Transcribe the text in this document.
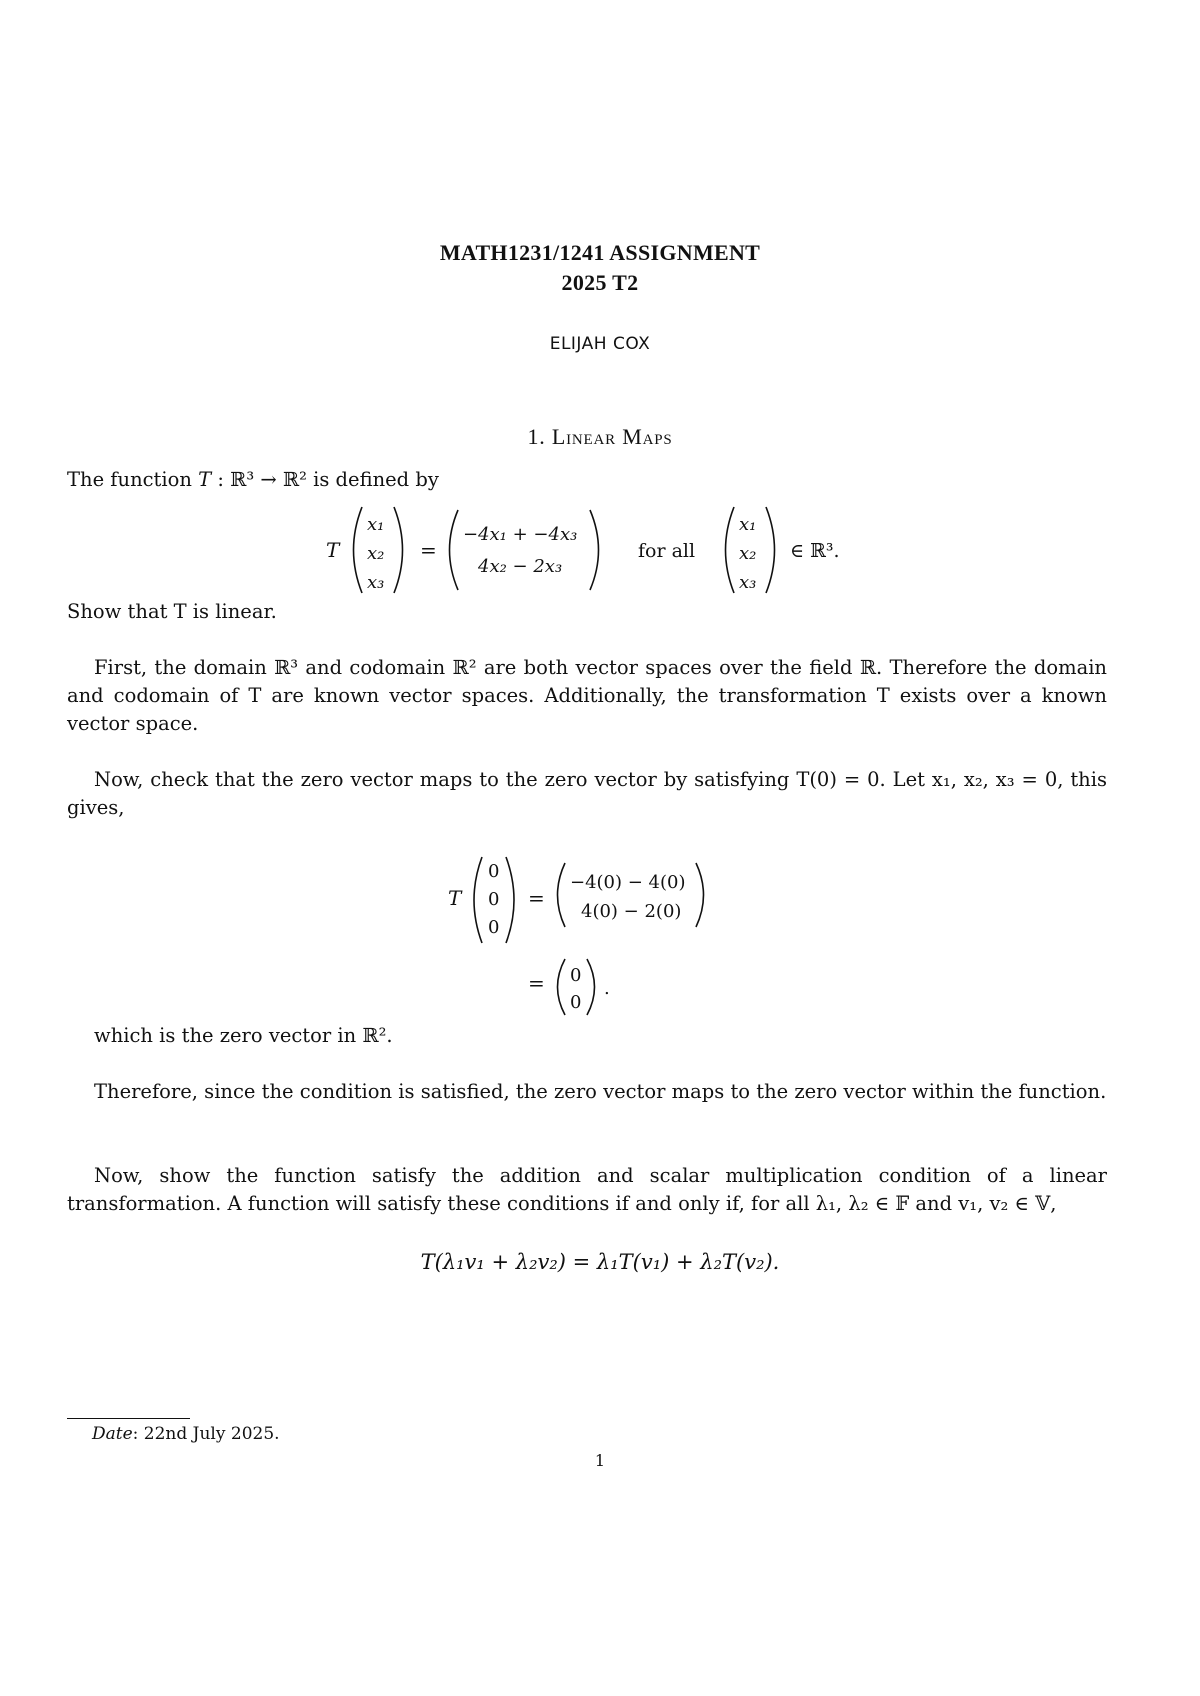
MATH1231/1241 ASSIGNMENT
2025 T2
ELIJAH COX
1. Linear Maps
The function T : ℝ³ → ℝ² is defined by
T
x₁
x₂
x₃
=
−4x₁ + −4x₃
4x₂ − 2x₃
for all
x₁
x₂
x₃
∈ ℝ³.
Show that T is linear.
First, the domain ℝ³ and codomain ℝ² are both vector spaces over the field ℝ. Therefore the domain and codomain of T are known vector spaces. Additionally, the transformation T exists over a known vector space.
Now, check that the zero vector maps to the zero vector by satisfying T(0) = 0. Let x₁, x₂, x₃ = 0, this gives,
T
0
0
0
=
−4(0) − 4(0)
4(0) − 2(0)
= 0
0
.
which is the zero vector in ℝ².
Therefore, since the condition is satisfied, the zero vector maps to the zero vector within the function.
Now, show the function satisfy the addition and scalar multiplication condition of a linear transformation. A function will satisfy these conditions if and only if, for all λ₁, λ₂ ∈ 𝔽 and v₁, v₂ ∈ 𝕍,
T(λ₁v₁ + λ₂v₂) = λ₁T(v₁) + λ₂T(v₂).
Date: 22nd July 2025.
1
